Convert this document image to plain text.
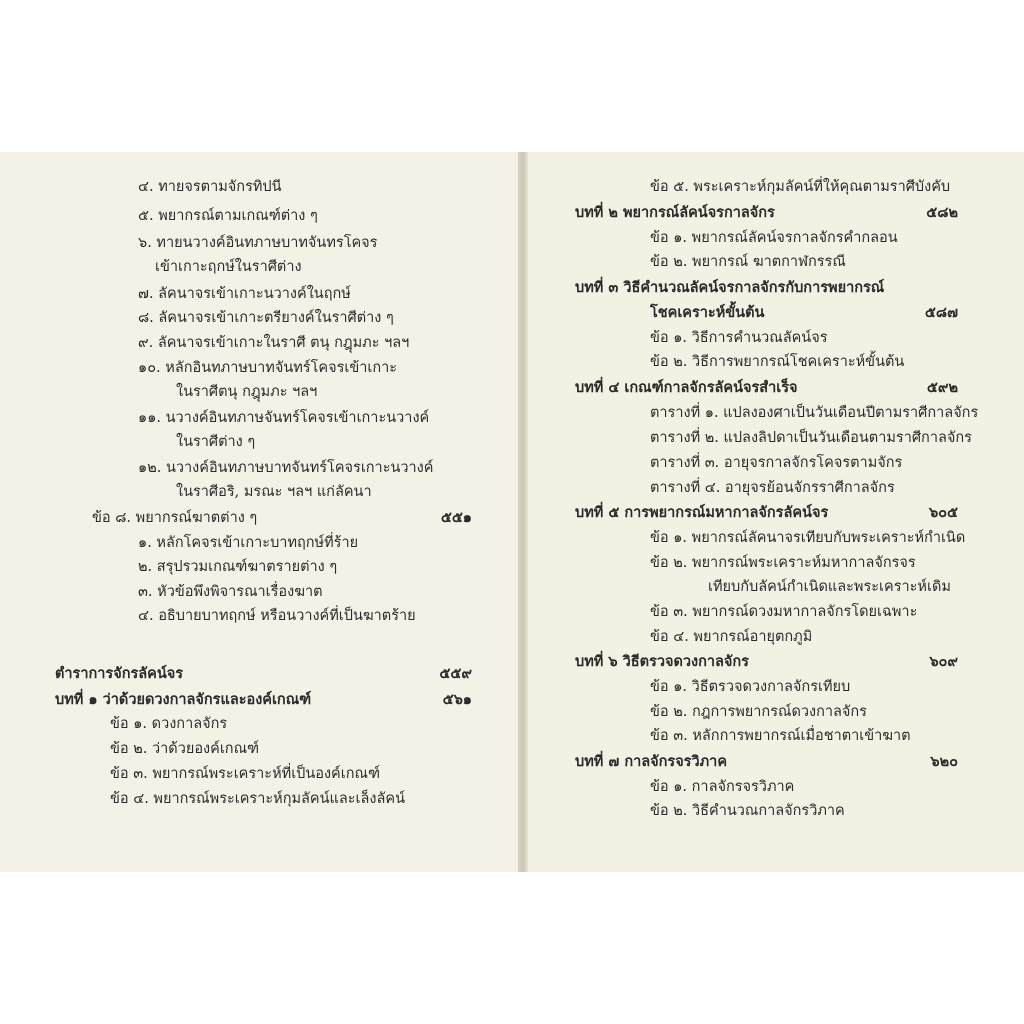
๔. ทายจรตามจักรทิปนี
๕. พยากรณ์ตามเกณฑ์ต่าง ๆ
๖. ทายนวางค์อินทภาษบาทจันทรโคจร
เข้าเกาะฤกษ์ในราศีต่าง
๗. ลัคนาจรเข้าเกาะนวางค์ในฤกษ์
๘. ลัคนาจรเข้าเกาะตรียางค์ในราศีต่าง ๆ
๙. ลัคนาจรเข้าเกาะในราศี ตนุ กฎุมภะ ฯลฯ
๑๐. หลักอินทภาษบาทจันทร์โคจรเข้าเกาะ
ในราศีตนุ กฎุมภะ ฯลฯ
๑๑. นวางค์อินทภาษจันทร์โคจรเข้าเกาะนวางค์
ในราศีต่าง ๆ
๑๒. นวางค์อินทภาษบาทจันทร์โคจรเกาะนวางค์
ในราศีอริ, มรณะ ฯลฯ แก่ลัคนา
ข้อ ๘. พยากรณ์ฆาตต่าง ๆ
๑. หลักโคจรเข้าเกาะบาทฤกษ์ที่ร้าย
๒. สรุปรวมเกณฑ์ฆาตรายต่าง ๆ
๓. หัวข้อพึงพิจารณาเรื่องฆาต
๔. อธิบายบาทฤกษ์ หรือนวางค์ที่เป็นฆาตร้าย
ตำราการจักรลัคน์จร
บทที่ ๑ ว่าด้วยดวงกาลจักรและองค์เกณฑ์
ข้อ ๑. ดวงกาลจักร
ข้อ ๒. ว่าด้วยองค์เกณฑ์
ข้อ ๓. พยากรณ์พระเคราะห์ที่เป็นองค์เกณฑ์
ข้อ ๔. พยากรณ์พระเคราะห์กุมลัคน์และเล็งลัคน์
๕๕๑
๕๕๙
๕๖๑
ข้อ ๕. พระเคราะห์กุมลัคน์ที่ให้คุณตามราศีบังคับ
บทที่ ๒ พยากรณ์ลัคน์จรกาลจักร
ข้อ ๑. พยากรณ์ลัคน์จรกาลจักรคำกลอน
ข้อ ๒. พยากรณ์ ฆาตกาฬกรรณี
บทที่ ๓ วิธีคำนวณลัคน์จรกาลจักรกับการพยากรณ์
โชคเคราะห์ขั้นต้น
ข้อ ๑. วิธีการคำนวณลัคน์จร
ข้อ ๒. วิธีการพยากรณ์โชคเคราะห์ขั้นต้น
บทที่ ๔ เกณฑ์กาลจักรลัคน์จรสำเร็จ
ตารางที่ ๑. แปลงองศาเป็นวันเดือนปีตามราศีกาลจักร
ตารางที่ ๒. แปลงลิปดาเป็นวันเดือนตามราศีกาลจักร
ตารางที่ ๓. อายุจรกาลจักรโคจรตามจักร
ตารางที่ ๔. อายุจรย้อนจักรราศีกาลจักร
บทที่ ๕ การพยากรณ์มหากาลจักรลัคน์จร
ข้อ ๑. พยากรณ์ลัคนาจรเทียบกับพระเคราะห์กำเนิด
ข้อ ๒. พยากรณ์พระเคราะห์มหากาลจักรจร
เทียบกับลัคน์กำเนิดและพระเคราะห์เดิม
ข้อ ๓. พยากรณ์ดวงมหากาลจักรโดยเฉพาะ
ข้อ ๔. พยากรณ์อายุตกภูมิ
บทที่ ๖ วิธีตรวจดวงกาลจักร
ข้อ ๑. วิธีตรวจดวงกาลจักรเทียบ
ข้อ ๒. กฎการพยากรณ์ดวงกาลจักร
ข้อ ๓. หลักการพยากรณ์เมื่อชาตาเข้าฆาต
บทที่ ๗ กาลจักรจรวิภาค
ข้อ ๑. กาลจักรจรวิภาค
ข้อ ๒. วิธีคำนวณกาลจักรวิภาค
๕๘๒
๕๘๗
๕๙๒
๖๐๕
๖๐๙
๖๒๐
